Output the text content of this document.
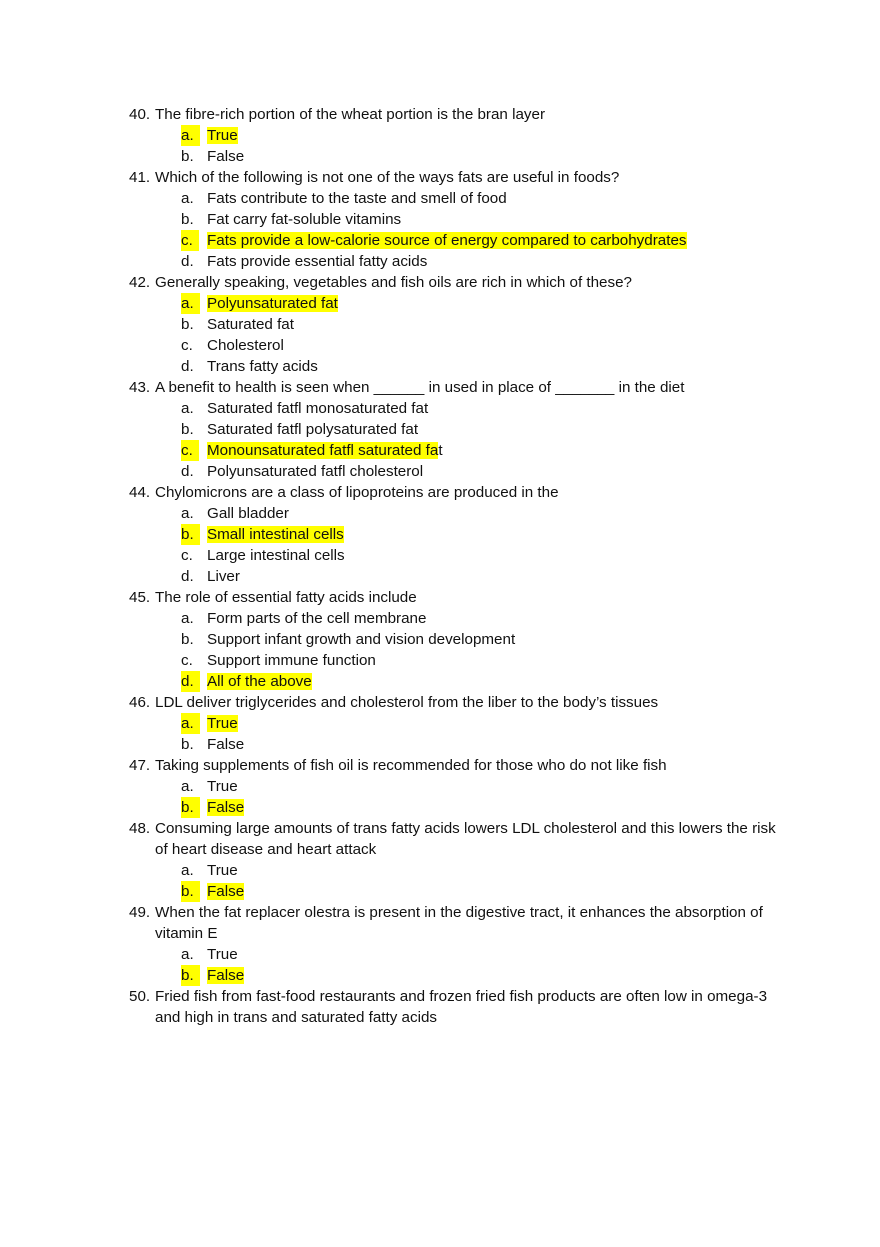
40. The fibre-rich portion of the wheat portion is the bran layer
a. True
b. False
41. Which of the following is not one of the ways fats are useful in foods?
a. Fats contribute to the taste and smell of food
b. Fat carry fat-soluble vitamins
c. Fats provide a low-calorie source of energy compared to carbohydrates
d. Fats provide essential fatty acids
42. Generally speaking, vegetables and fish oils are rich in which of these?
a. Polyunsaturated fat
b. Saturated fat
c. Cholesterol
d. Trans fatty acids
43. A benefit to health is seen when ______ in used in place of _______ in the diet
a. Saturated fatfl monosaturated fat
b. Saturated fatfl polysaturated fat
c. Monounsaturated fatfl saturated fat
d. Polyunsaturated fatfl cholesterol
44. Chylomicrons are a class of lipoproteins are produced in the
a. Gall bladder
b. Small intestinal cells
c. Large intestinal cells
d. Liver
45. The role of essential fatty acids include
a. Form parts of the cell membrane
b. Support infant growth and vision development
c. Support immune function
d. All of the above
46. LDL deliver triglycerides and cholesterol from the liber to the body’s tissues
a. True
b. False
47. Taking supplements of fish oil is recommended for those who do not like fish
a. True
b. False
48. Consuming large amounts of trans fatty acids lowers LDL cholesterol and this lowers the risk of heart disease and heart attack
a. True
b. False
49. When the fat replacer olestra is present in the digestive tract, it enhances the absorption of vitamin E
a. True
b. False
50. Fried fish from fast-food restaurants and frozen fried fish products are often low in omega-3 and high in trans and saturated fatty acids
